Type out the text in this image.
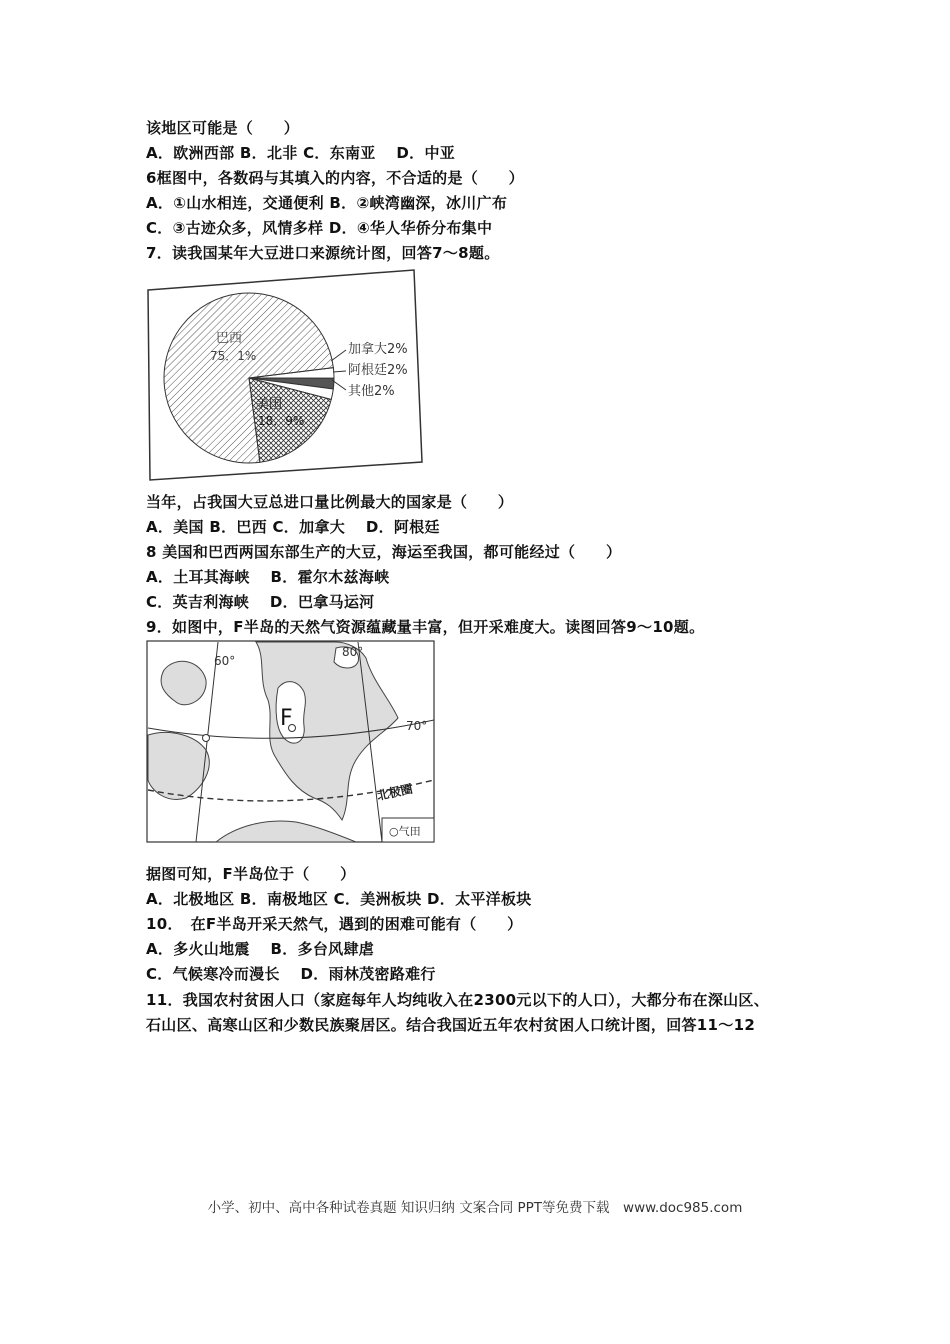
该地区可能是（　　）
A．欧洲西部 B．北非 C．东南亚　 D．中亚
6框图中，各数码与其填入的内容，不合适的是（　　）
A．①山水相连，交通便利 B．②峡湾幽深，冰川广布
C．③古迹众多，风情多样 D．④华人华侨分布集中
7．读我国某年大豆进口来源统计图，回答7～8题。
巴西
75．1%
美国
18．9%
加拿大2%
阿根廷2%
其他2%
当年，占我国大豆总进口量比例最大的国家是（　　）
A．美国 B．巴西 C．加拿大　 D．阿根廷
8 美国和巴西两国东部生产的大豆，海运至我国，都可能经过（　　）
A．土耳其海峡　 B．霍尔木兹海峡
C．英吉利海峡　 D．巴拿马运河
9．如图中，F半岛的天然气资源蕴藏量丰富，但开采难度大。读图回答9～10题。
60°
80°
70°
F
北极圈
○气田
据图可知，F半岛位于（　　）
A．北极地区 B．南极地区 C．美洲板块 D．太平洋板块
10．　在F半岛开采天然气，遇到的困难可能有（　　）
A．多火山地震　 B．多台风肆虐
C．气候寒冷而漫长　 D．雨林茂密路难行
11．我国农村贫困人口（家庭每年人均纯收入在2300元以下的人口），大都分布在深山区、
石山区、高寒山区和少数民族聚居区。结合我国近五年农村贫困人口统计图，回答11～12
小学、初中、高中各种试卷真题 知识归纳 文案合同 PPT等免费下载　www.doc985.com
